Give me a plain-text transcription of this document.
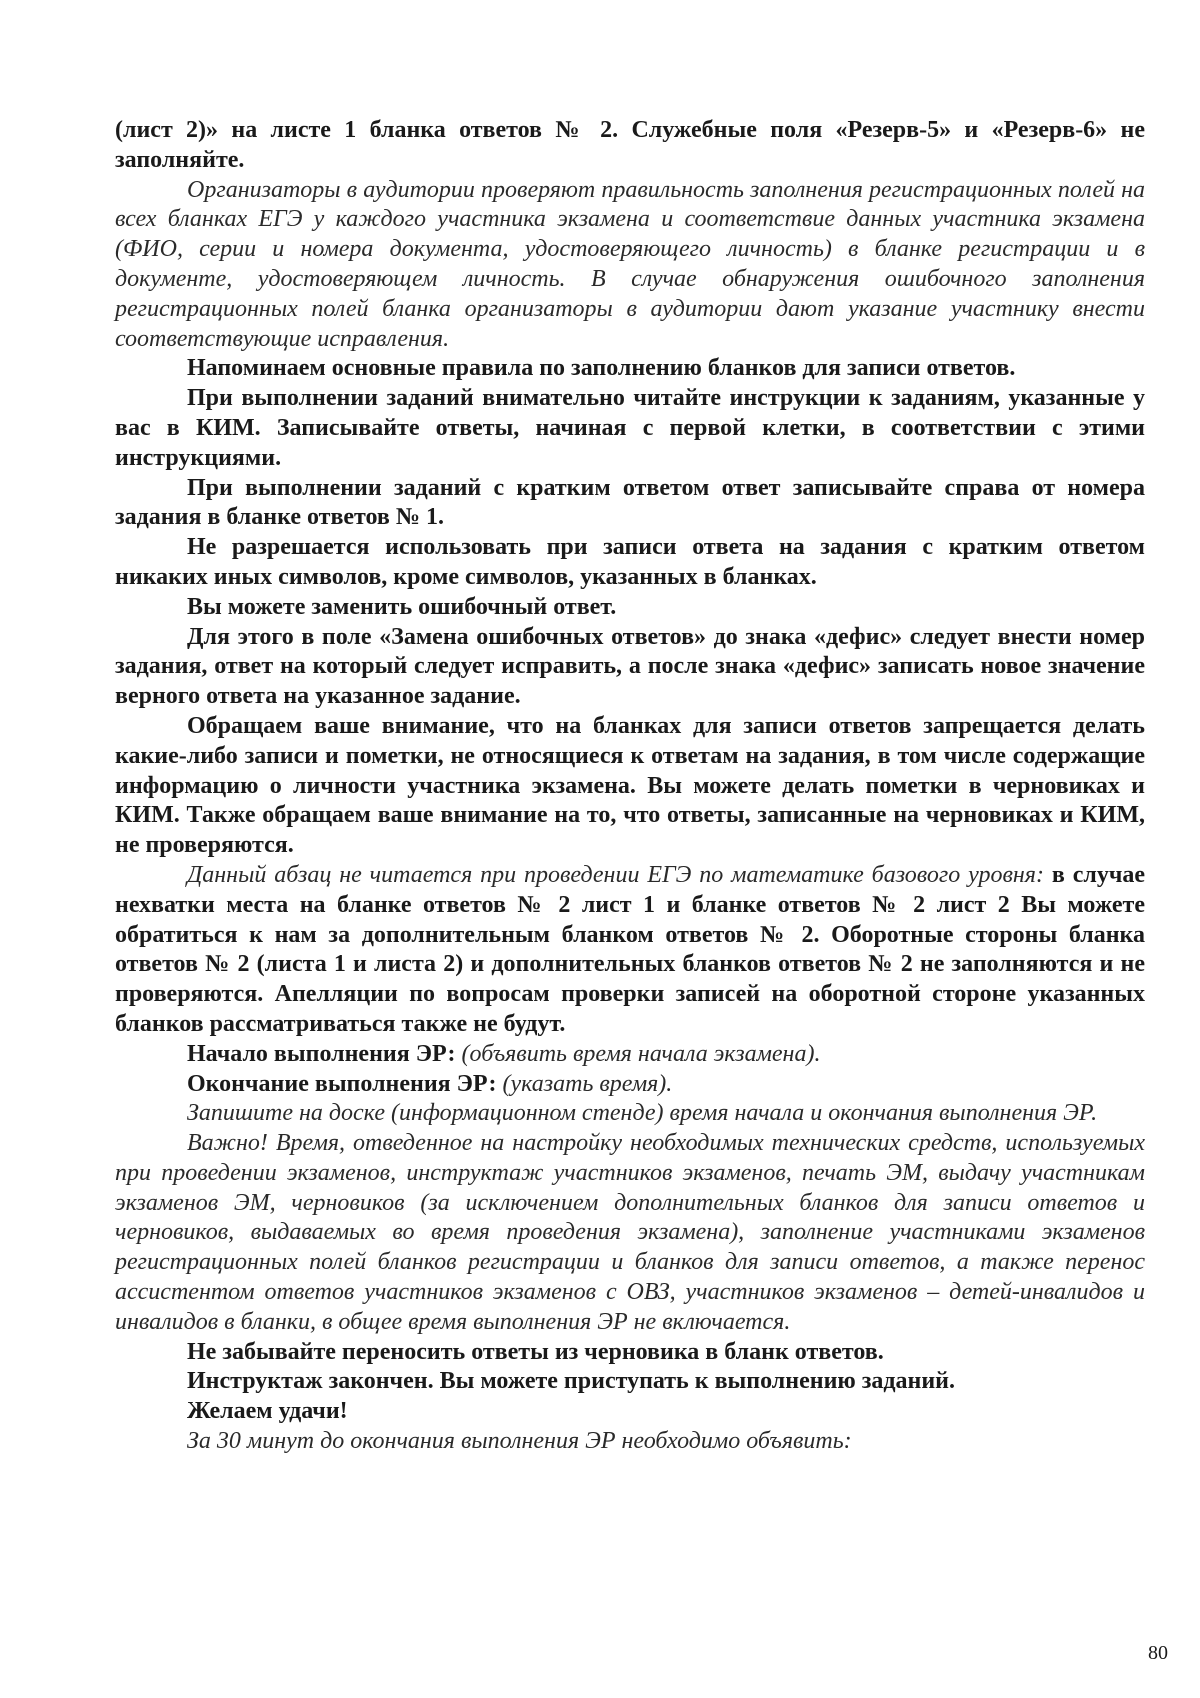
(лист 2)» на листе 1 бланка ответов № 2. Служебные поля «Резерв-5» и «Резерв-6» не заполняйте.

Организаторы в аудитории проверяют правильность заполнения регистрационных полей на всех бланках ЕГЭ у каждого участника экзамена и соответствие данных участника экзамена (ФИО, серии и номера документа, удостоверяющего личность) в бланке регистрации и в документе, удостоверяющем личность. В случае обнаружения ошибочного заполнения регистрационных полей бланка организаторы в аудитории дают указание участнику внести соответствующие исправления.

Напоминаем основные правила по заполнению бланков для записи ответов.

При выполнении заданий внимательно читайте инструкции к заданиям, указанные у вас в КИМ. Записывайте ответы, начиная с первой клетки, в соответствии с этими инструкциями.

При выполнении заданий с кратким ответом ответ записывайте справа от номера задания в бланке ответов № 1.

Не разрешается использовать при записи ответа на задания с кратким ответом никаких иных символов, кроме символов, указанных в бланках.

Вы можете заменить ошибочный ответ.

Для этого в поле «Замена ошибочных ответов» до знака «дефис» следует внести номер задания, ответ на который следует исправить, а после знака «дефис» записать новое значение верного ответа на указанное задание.

Обращаем ваше внимание, что на бланках для записи ответов запрещается делать какие-либо записи и пометки, не относящиеся к ответам на задания, в том числе содержащие информацию о личности участника экзамена. Вы можете делать пометки в черновиках и КИМ. Также обращаем ваше внимание на то, что ответы, записанные на черновиках и КИМ, не проверяются.

Данный абзац не читается при проведении ЕГЭ по математике базового уровня: в случае нехватки места на бланке ответов № 2 лист 1 и бланке ответов № 2 лист 2 Вы можете обратиться к нам за дополнительным бланком ответов № 2. Оборотные стороны бланка ответов № 2 (листа 1 и листа 2) и дополнительных бланков ответов № 2 не заполняются и не проверяются. Апелляции по вопросам проверки записей на оборотной стороне указанных бланков рассматриваться также не будут.

Начало выполнения ЭР: (объявить время начала экзамена).

Окончание выполнения ЭР: (указать время).

Запишите на доске (информационном стенде) время начала и окончания выполнения ЭР.

Важно! Время, отведенное на настройку необходимых технических средств, используемых при проведении экзаменов, инструктаж участников экзаменов, печать ЭМ, выдачу участникам экзаменов ЭМ, черновиков (за исключением дополнительных бланков для записи ответов и черновиков, выдаваемых во время проведения экзамена), заполнение участниками экзаменов регистрационных полей бланков регистрации и бланков для записи ответов, а также перенос ассистентом ответов участников экзаменов с ОВЗ, участников экзаменов – детей-инвалидов и инвалидов в бланки, в общее время выполнения ЭР не включается.

Не забывайте переносить ответы из черновика в бланк ответов.

Инструктаж закончен. Вы можете приступать к выполнению заданий.

Желаем удачи!

За 30 минут до окончания выполнения ЭР необходимо объявить:

80
